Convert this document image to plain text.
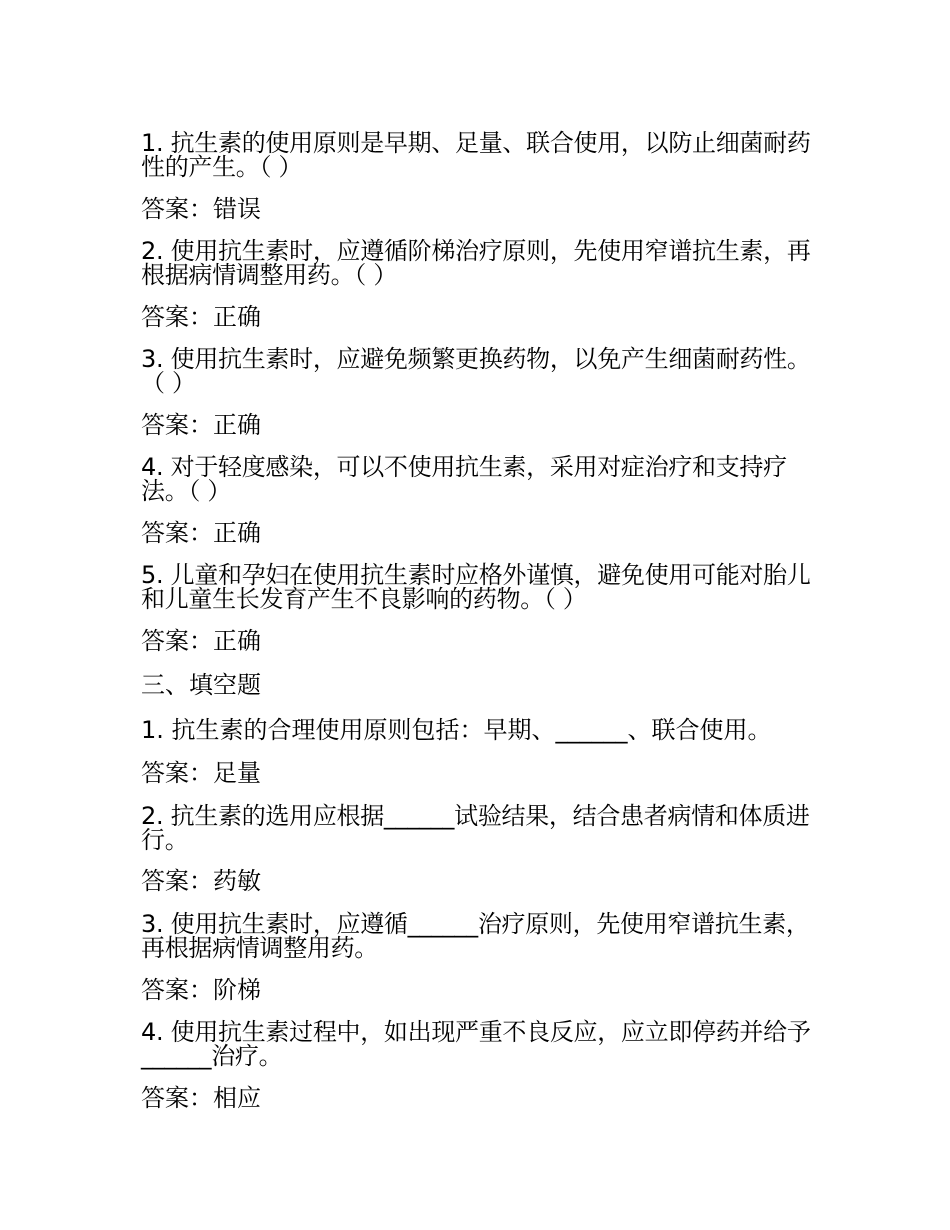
1. 抗生素的使用原则是早期、足量、联合使用，以防止细菌耐药性的产生。（ ）
答案：错误
2. 使用抗生素时，应遵循阶梯治疗原则，先使用窄谱抗生素，再根据病情调整用药。（ ）
答案：正确
3. 使用抗生素时，应避免频繁更换药物，以免产生细菌耐药性。（ ）
答案：正确
4. 对于轻度感染，可以不使用抗生素，采用对症治疗和支持疗法。（ ）
答案：正确
5. 儿童和孕妇在使用抗生素时应格外谨慎，避免使用可能对胎儿和儿童生长发育产生不良影响的药物。（ ）
答案：正确
三、填空题
1. 抗生素的合理使用原则包括：早期、______、联合使用。
答案：足量
2. 抗生素的选用应根据______试验结果，结合患者病情和体质进行。
答案：药敏
3. 使用抗生素时，应遵循______治疗原则，先使用窄谱抗生素，再根据病情调整用药。
答案：阶梯
4. 使用抗生素过程中，如出现严重不良反应，应立即停药并给予______治疗。
答案：相应
